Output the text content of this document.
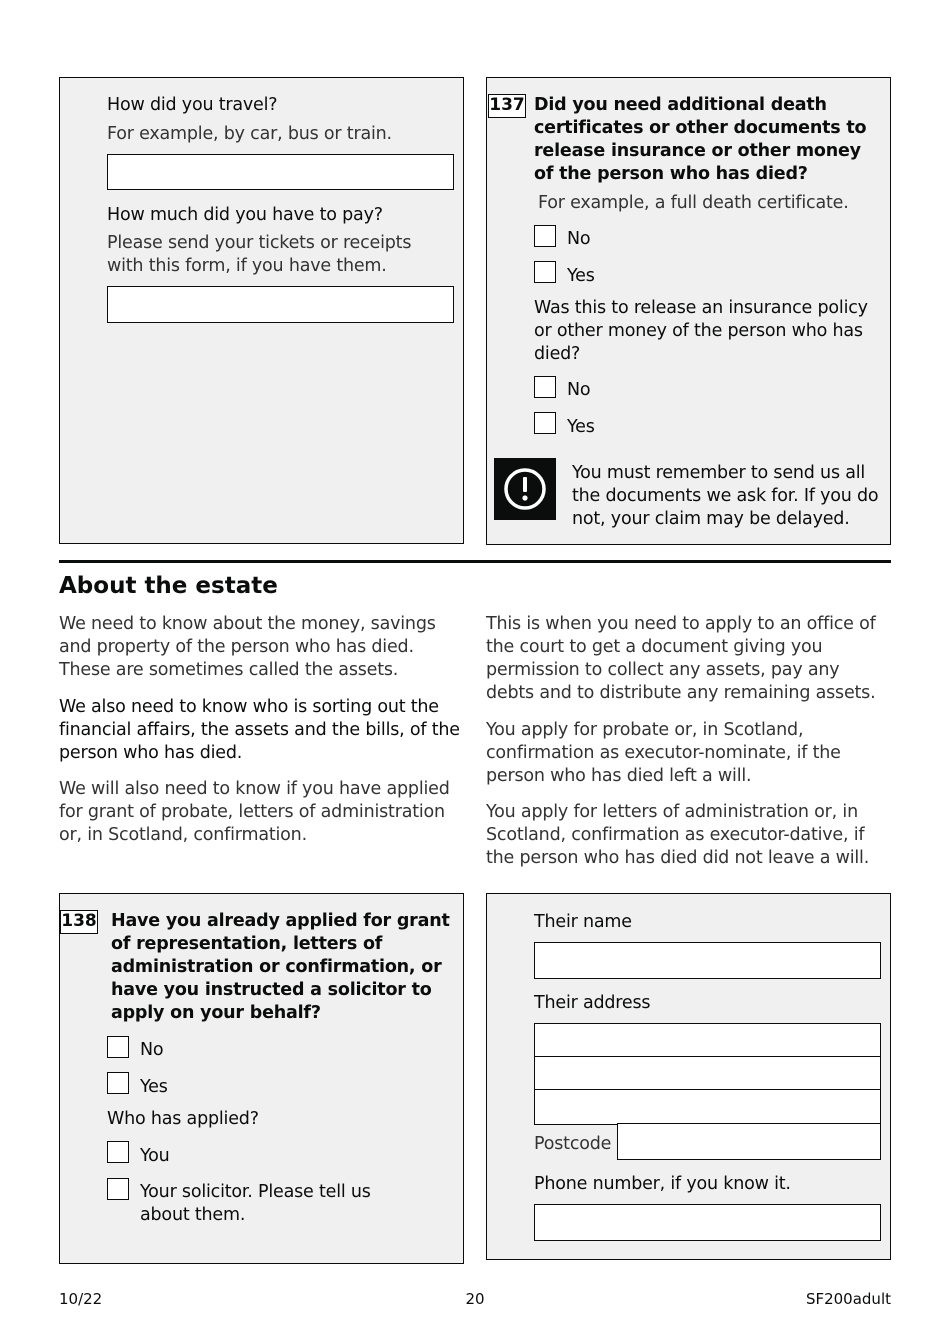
How did you travel?
For example, by car, bus or train.
How much did you have to pay?
Please send your tickets or receipts with this form, if you have them.
137 Did you need additional death certificates or other documents to release insurance or other money of the person who has died?
For example, a full death certificate.
No
Yes
Was this to release an insurance policy or other money of the person who has died?
No
Yes
You must remember to send us all the documents we ask for. If you do not, your claim may be delayed.
About the estate
We need to know about the money, savings and property of the person who has died. These are sometimes called the assets.
We also need to know who is sorting out the financial affairs, the assets and the bills, of the person who has died.
We will also need to know if you have applied for grant of probate, letters of administration or, in Scotland, confirmation.
This is when you need to apply to an office of the court to get a document giving you permission to collect any assets, pay any debts and to distribute any remaining assets.
You apply for probate or, in Scotland, confirmation as executor-nominate, if the person who has died left a will.
You apply for letters of administration or, in Scotland, confirmation as executor-dative, if the person who has died did not leave a will.
138 Have you already applied for grant of representation, letters of administration or confirmation, or have you instructed a solicitor to apply on your behalf?
No
Yes
Who has applied?
You
Your solicitor. Please tell us about them.
Their name
Their address
Postcode
Phone number, if you know it.
10/22	20	SF200adult
